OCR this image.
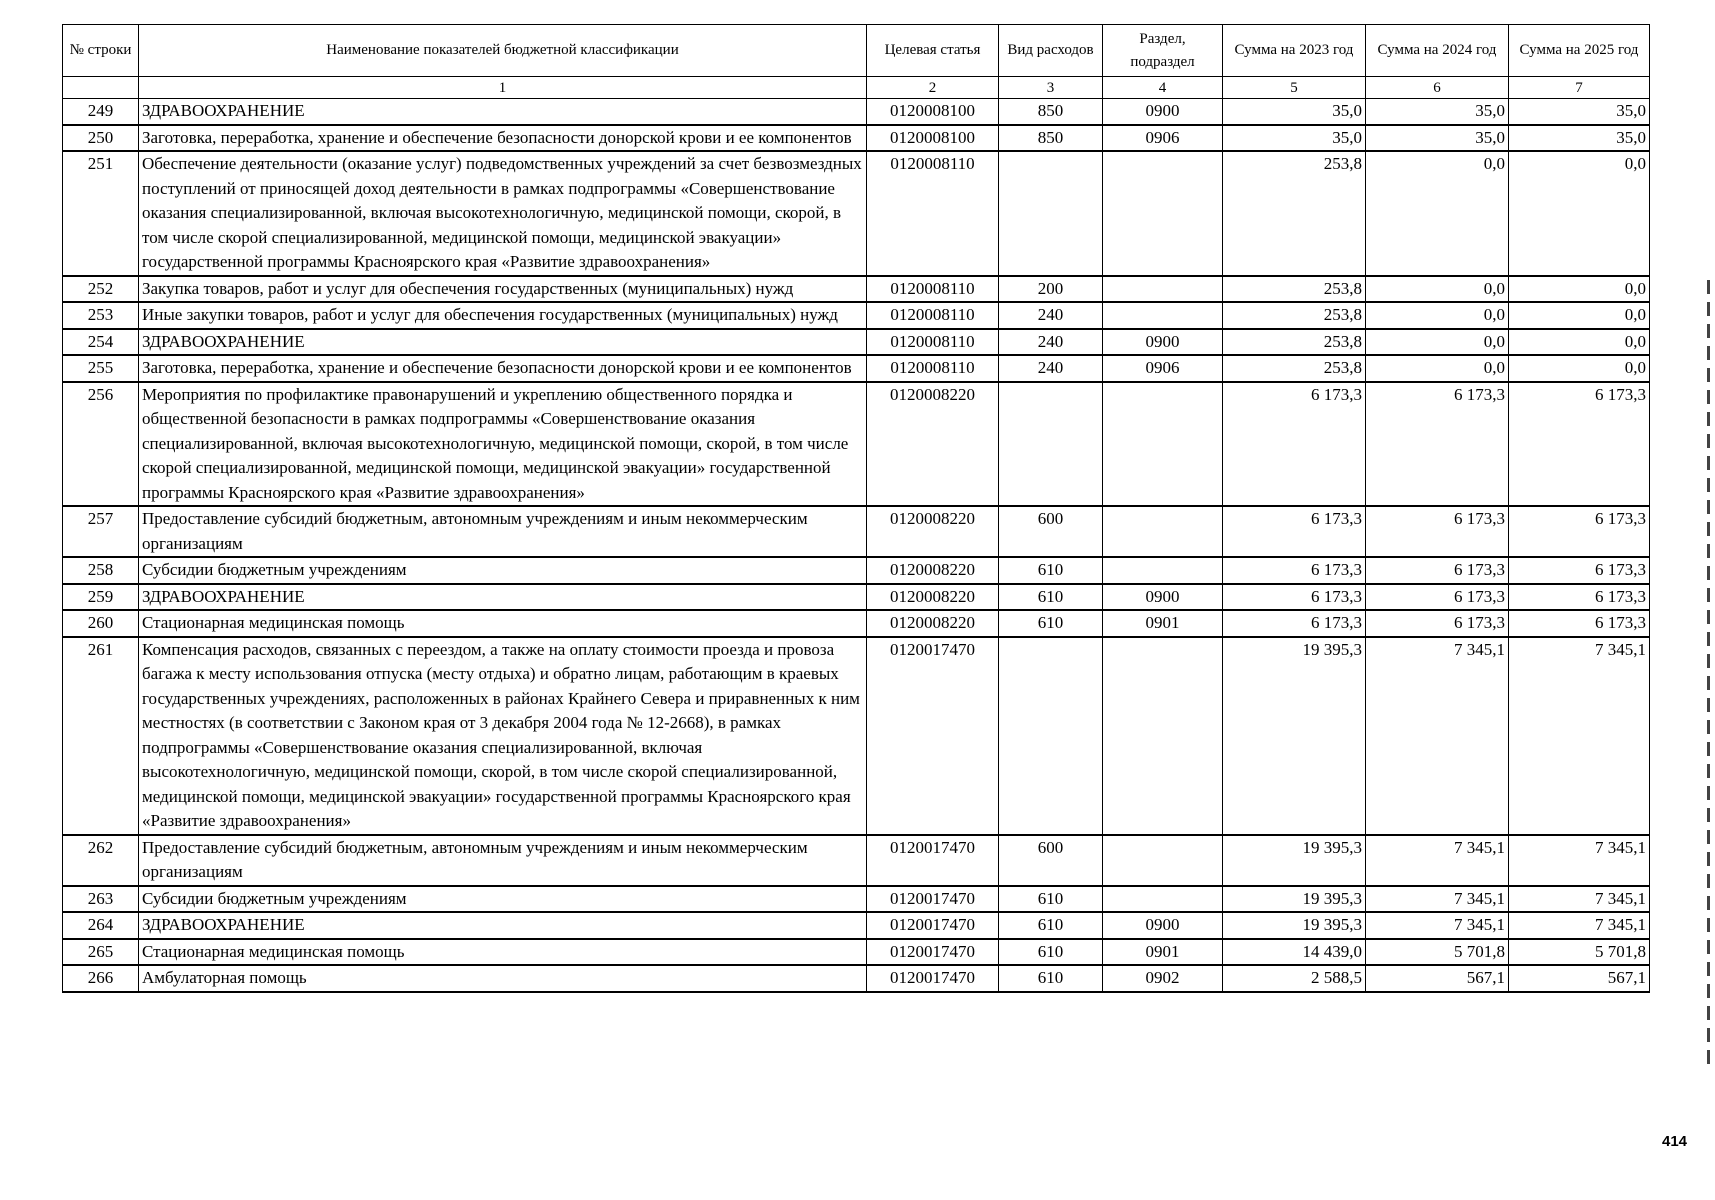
№ строки	Наименование показателей бюджетной классификации	Целевая статья	Вид расходов	Раздел, подраздел	Сумма на 2023 год	Сумма на 2024 год	Сумма на 2025 год
	1	2	3	4	5	6	7
249	ЗДРАВООХРАНЕНИЕ	0120008100	850	0900	35,0	35,0	35,0
250	Заготовка, переработка, хранение и обеспечение безопасности донорской крови и ее компонентов	0120008100	850	0906	35,0	35,0	35,0
251	Обеспечение деятельности (оказание услуг) подведомственных учреждений за счет безвозмездных поступлений от приносящей доход деятельности в рамках подпрограммы «Совершенствование оказания специализированной, включая высокотехнологичную, медицинской помощи, скорой, в том числе скорой специализированной, медицинской помощи, медицинской эвакуации» государственной программы Красноярского края «Развитие здравоохранения»	0120008110			253,8	0,0	0,0
252	Закупка товаров, работ и услуг для обеспечения государственных (муниципальных) нужд	0120008110	200		253,8	0,0	0,0
253	Иные закупки товаров, работ и услуг для обеспечения государственных (муниципальных) нужд	0120008110	240		253,8	0,0	0,0
254	ЗДРАВООХРАНЕНИЕ	0120008110	240	0900	253,8	0,0	0,0
255	Заготовка, переработка, хранение и обеспечение безопасности донорской крови и ее компонентов	0120008110	240	0906	253,8	0,0	0,0
256	Мероприятия по профилактике правонарушений и укреплению общественного порядка и общественной безопасности в рамках подпрограммы «Совершенствование оказания специализированной, включая высокотехнологичную, медицинской помощи, скорой, в том числе скорой специализированной, медицинской помощи, медицинской эвакуации» государственной программы Красноярского края «Развитие здравоохранения»	0120008220			6 173,3	6 173,3	6 173,3
257	Предоставление субсидий бюджетным, автономным учреждениям и иным некоммерческим организациям	0120008220	600		6 173,3	6 173,3	6 173,3
258	Субсидии бюджетным учреждениям	0120008220	610		6 173,3	6 173,3	6 173,3
259	ЗДРАВООХРАНЕНИЕ	0120008220	610	0900	6 173,3	6 173,3	6 173,3
260	Стационарная медицинская помощь	0120008220	610	0901	6 173,3	6 173,3	6 173,3
261	Компенсация расходов, связанных с переездом, а также на оплату стоимости проезда и провоза багажа к месту использования отпуска (месту отдыха) и обратно лицам, работающим в краевых государственных учреждениях, расположенных в районах Крайнего Севера и приравненных к ним местностях (в соответствии с Законом края от 3 декабря 2004 года № 12-2668), в рамках подпрограммы «Совершенствование оказания специализированной, включая высокотехнологичную, медицинской помощи, скорой, в том числе скорой специализированной, медицинской помощи, медицинской эвакуации» государственной программы Красноярского края «Развитие здравоохранения»	0120017470			19 395,3	7 345,1	7 345,1
262	Предоставление субсидий бюджетным, автономным учреждениям и иным некоммерческим организациям	0120017470	600		19 395,3	7 345,1	7 345,1
263	Субсидии бюджетным учреждениям	0120017470	610		19 395,3	7 345,1	7 345,1
264	ЗДРАВООХРАНЕНИЕ	0120017470	610	0900	19 395,3	7 345,1	7 345,1
265	Стационарная медицинская помощь	0120017470	610	0901	14 439,0	5 701,8	5 701,8
266	Амбулаторная помощь	0120017470	610	0902	2 588,5	567,1	567,1
414
